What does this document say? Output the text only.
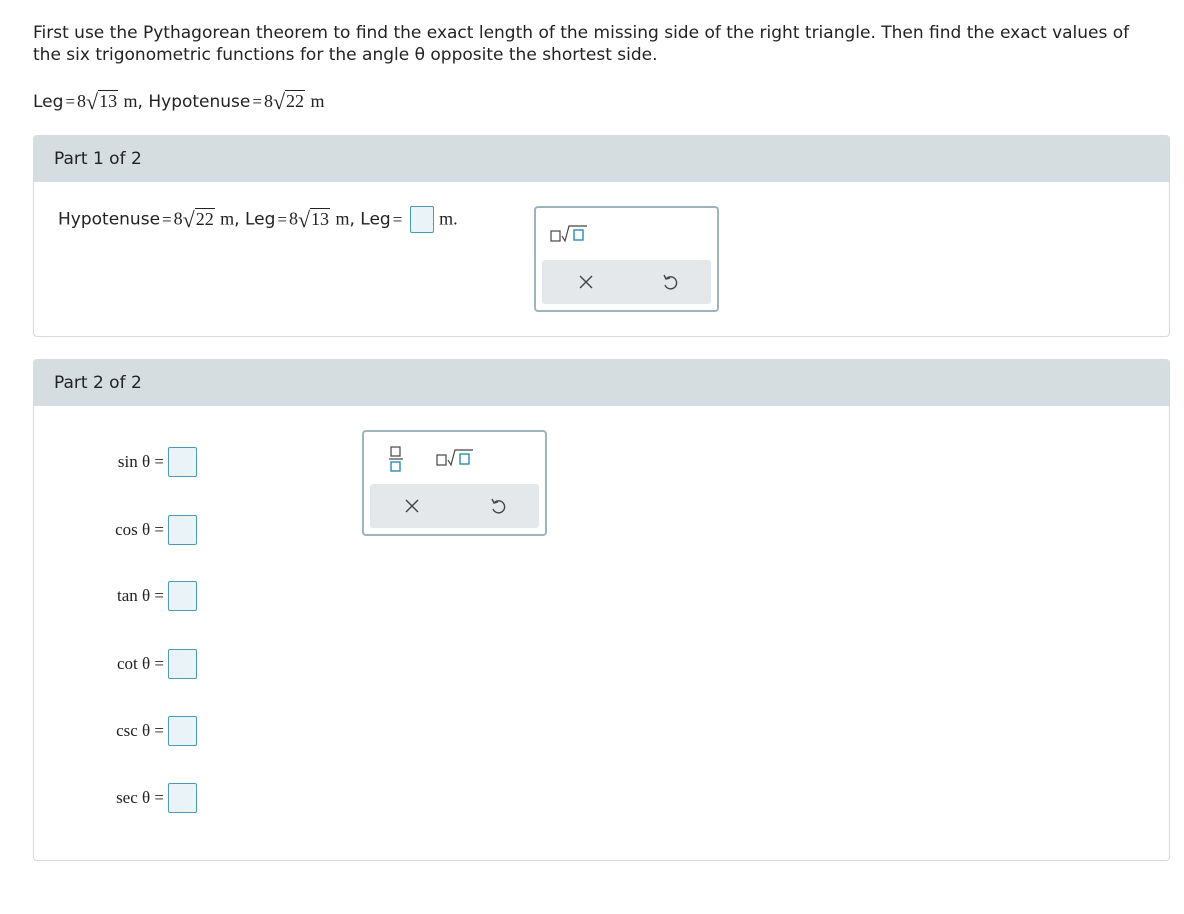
First use the Pythagorean theorem to find the exact length of the missing side of the right triangle. Then find the exact values of the six trigonometric functions for the angle θ opposite the shortest side.
Leg = 8√13 m, Hypotenuse = 8√22 m
Part 1 of 2
Hypotenuse = 8√22 m, Leg = 8√13 m, Leg = m.
Part 2 of 2
sin θ =
cos θ =
tan θ =
cot θ =
csc θ =
sec θ =
